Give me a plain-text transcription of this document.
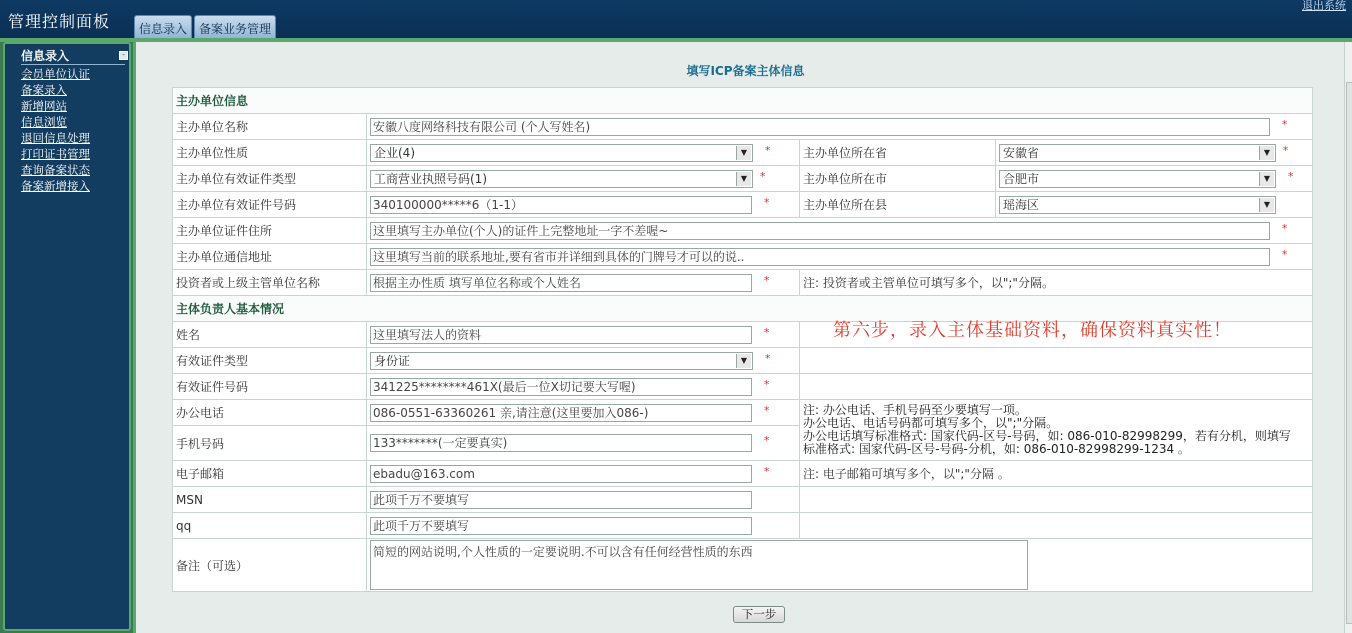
管理控制面板	信息录入	备案业务管理
退出系统
信息录入	-
会员单位认证
备案录入
新增网站
信息浏览
退回信息处理
打印证书管理
查询备案状态
备案新增接入
填写ICP备案主体信息
主办单位信息			
主办单位名称	安徽八度网络科技有限公司 (个人写姓名) *		
主办单位性质	企业(4) ▼ *	主办单位所在省	安徽省 ▼ *
主办单位有效证件类型	工商营业执照号码(1) ▼ *	主办单位所在市	合肥市 ▼ *
主办单位有效证件号码	340100000*****6（1-1） *	主办单位所在县	瑶海区 ▼

主办单位证件住所	这里填写主办单位(个人)的证件上完整地址一字不差喔~ *		
主办单位通信地址	这里填写当前的联系地址,要有省市并详细到具体的门牌号才可以的说.. *		
投资者或上级主管单位名称	根据主办性质 填写单位名称或个人姓名 *	注: 投资者或主管单位可填写多个，以";"分隔。	
主体负责人基本情况			
姓名	这里填写法人的资料 *		
有效证件类型	身份证 ▼ *		
有效证件号码	341225********461X(最后一位X切记要大写喔) *		
办公电话	086-0551-63360261 亲,请注意(这里要加入086-) *	注: 办公电话、手机号码至少要填写一项。
办公电话、电话号码都可填写多个，以";"分隔。
办公电话填写标准格式: 国家代码-区号-号码，如: 086-010-82998299，若有分机，则填写
标准格式: 国家代码-区号-号码-分机，如: 086-010-82998299-1234 。	

手机号码	133*******(一定要真实) *		
电子邮箱	ebadu@163.com *	注: 电子邮箱可填写多个，以";"分隔 。	
MSN	此项千万不要填写		
qq	此项千万不要填写		
备注（可选）	简短的网站说明,个人性质的一定要说明.不可以含有任何经营性质的东西		
第六步，录入主体基础资料，确保资料真实性！
下一步
